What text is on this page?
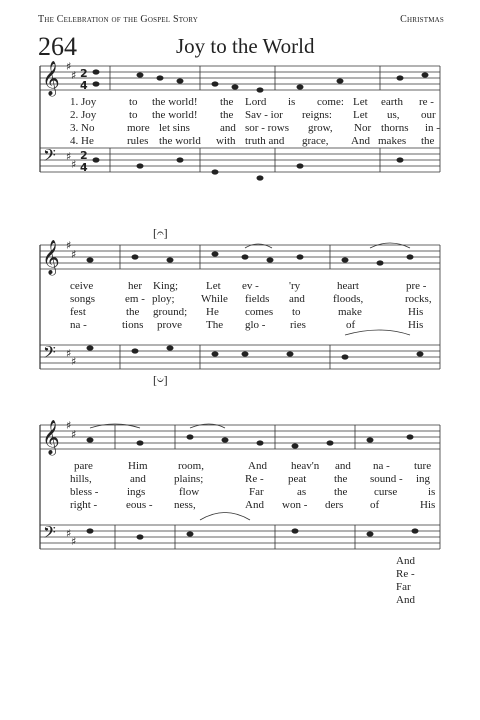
The Celebration of the Gospel Story	Christmas
264	Joy to the World
𝄞
𝄢
𝄞
𝄢
𝄞
𝄢
♯
♯
♯
♯
♯
♯
♯
♯
♯
♯
♯
♯
2
4
2
4
1. Joy	to the world! the Lord is come: Let earth re -
2. Joy	to the world! the Sav - ior reigns: Let us, our
3. No	more let sins	and sor - rows grow, Nor thorns in -
4. He	rules the world with truth and grace, And makes the
[𝄐]
[𝄑]
ceive	her King;	Let ev -	'ry	heart	pre -
songs	em - ploy; While fields and	floods,	rocks,
fest	the ground; He comes to	make	His
na -	tions prove The glo - ries	of	His
pare	Him	room,	And heav'n and na - ture
hills,	and	plains;	Re - peat	the sound - ing
bless -	ings	flow	Far	as	the curse	is
right -	eous - ness,	And won - ders of	His
And
Re -
Far
And
